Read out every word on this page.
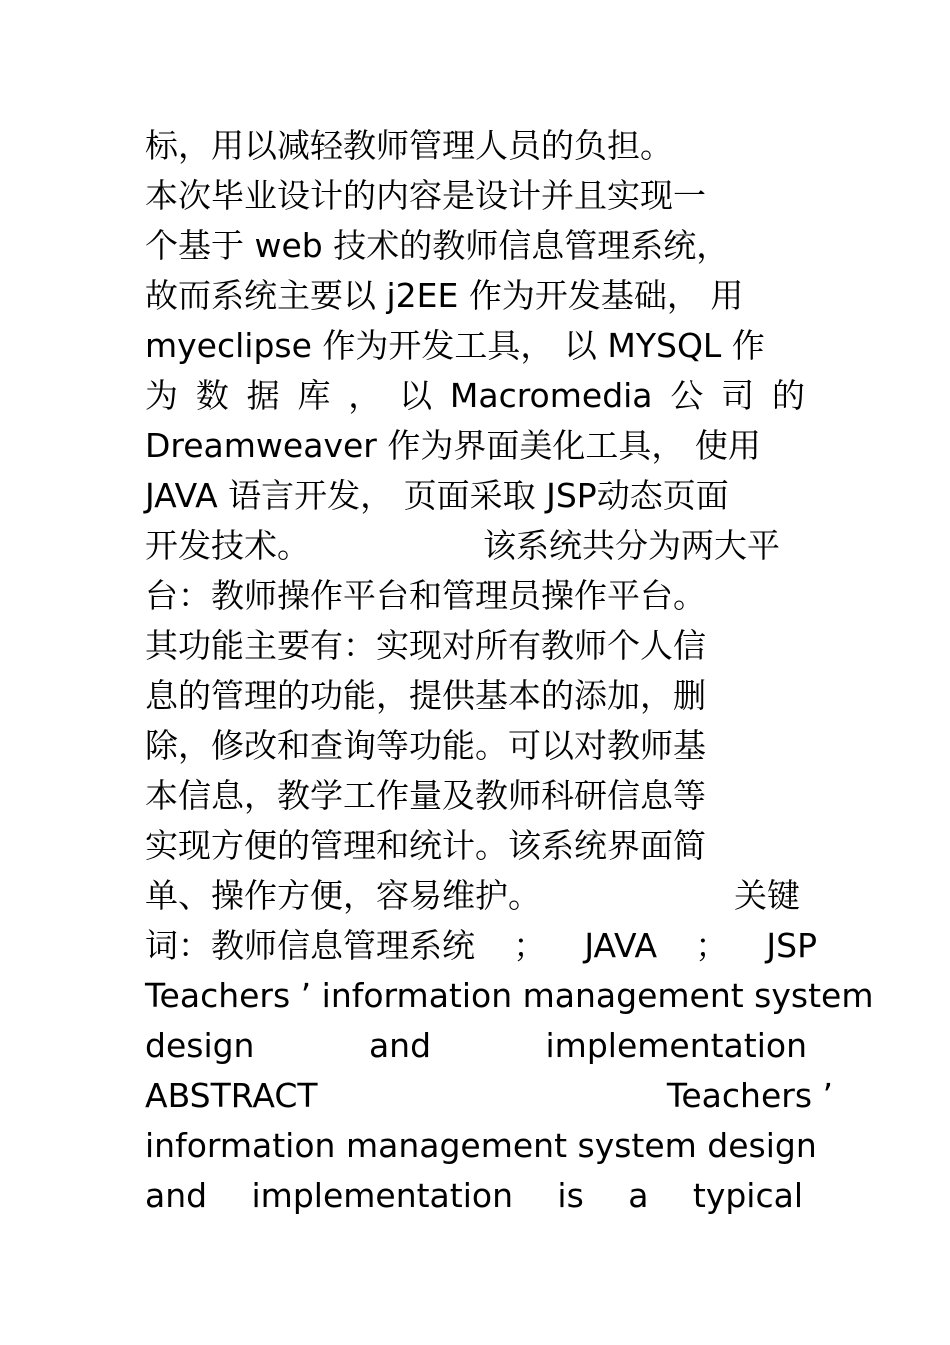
标，用以减轻教师管理人员的负担。
本次毕业设计的内容是设计并且实现一
个基于 web 技术的教师信息管理系统，
故而系统主要以 j2EE 作为开发基础， 用
myeclipse 作为开发工具， 以 MYSQL 作
为 数 据 库 ， 以 Macromedia 公 司 的
Dreamweaver 作为界面美化工具， 使用
JAVA 语言开发， 页面采取 JSP动态页面
开发技术。	该系统共分为两大平
台：教师操作平台和管理员操作平台。
其功能主要有：实现对所有教师个人信
息的管理的功能，提供基本的添加，删
除，修改和查询等功能。可以对教师基
本信息，教学工作量及教师科研信息等
实现方便的管理和统计。该系统界面简
单、操作方便，容易维护。	关键
词：教师信息管理系统 ； JAVA ； JSP
Teachers ’ information management system
design	and	implementation
ABSTRACT	Teachers ’
information management system design
and implementation is a typical
